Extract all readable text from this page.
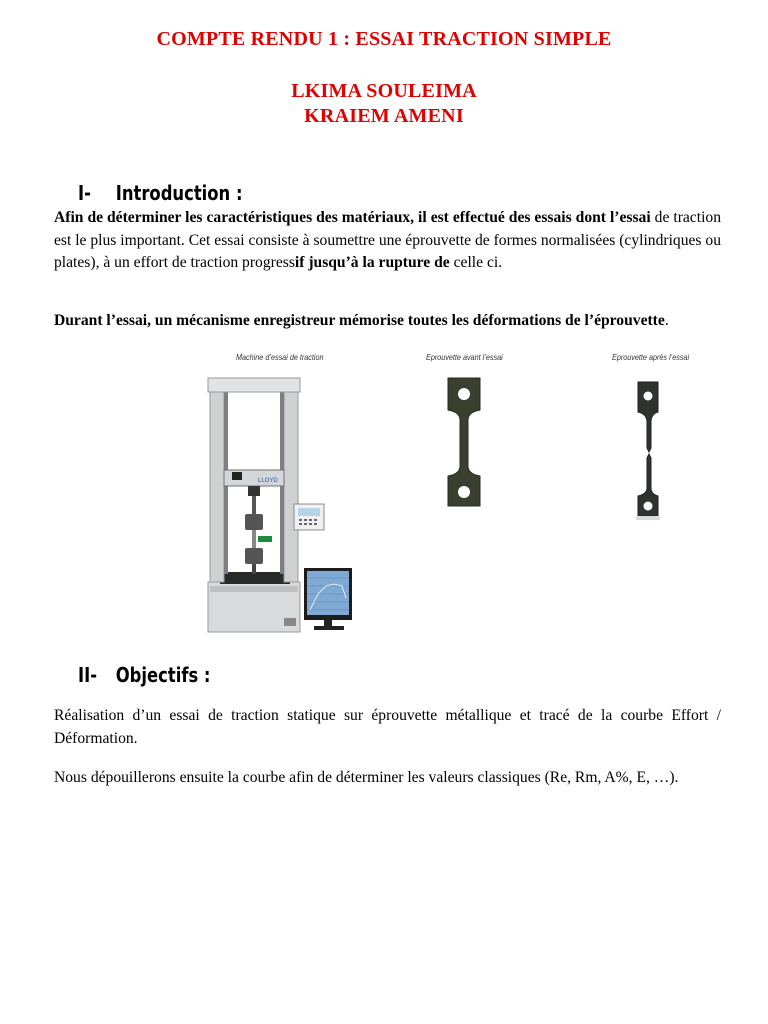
COMPTE RENDU 1 : ESSAI TRACTION SIMPLE
LKIMA SOULEIMA
KRAIEM AMENI
I- Introduction :
Afin de déterminer les caractéristiques des matériaux, il est effectué des essais dont l’essai de traction est le plus important. Cet essai consiste à soumettre une éprouvette de formes normalisées (cylindriques ou plates), à un effort de traction progressif jusqu’à la rupture de celle ci.
Durant l’essai, un mécanisme enregistreur mémorise toutes les déformations de l’éprouvette.
Machine d’essai de traction	Eprouvette avant l’essai	Eprouvette après l’essai
LLOYD
II- Objectifs :
Réalisation d’un essai de traction statique sur éprouvette métallique et tracé de la courbe Effort / Déformation.
Nous dépouillerons ensuite la courbe afin de déterminer les valeurs classiques (Re, Rm, A%, E, …).
